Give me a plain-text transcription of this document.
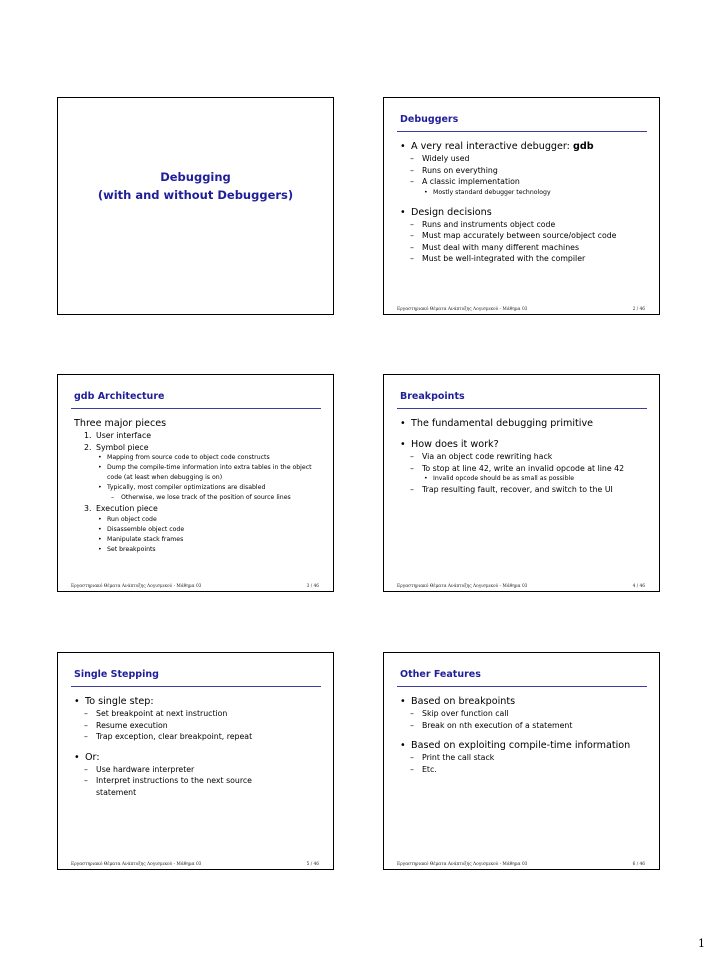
Debugging
(with and without Debuggers)
Debuggers
• A very real interactive debugger: gdb
– Widely used
– Runs on everything
– A classic implementation
• Mostly standard debugger technology
• Design decisions
– Runs and instruments object code
– Must map accurately between source/object code
– Must deal with many different machines
– Must be well-integrated with the compiler
Εργαστηριακό Θέματα Ανάπτυξης Λογισμικού - Μάθημα 03	2 / 46
gdb Architecture
Three major pieces
1. User interface
2. Symbol piece
• Mapping from source code to object code constructs
• Dump the compile-time information into extra tables in the object code (at least when debugging is on)
• Typically, most compiler optimizations are disabled
– Otherwise, we lose track of the position of source lines
3. Execution piece
• Run object code
• Disassemble object code
• Manipulate stack frames
• Set breakpoints
Εργαστηριακό Θέματα Ανάπτυξης Λογισμικού - Μάθημα 03	3 / 46
Breakpoints
• The fundamental debugging primitive
• How does it work?
– Via an object code rewriting hack
– To stop at line 42, write an invalid opcode at line 42
• Invalid opcode should be as small as possible
– Trap resulting fault, recover, and switch to the UI
Εργαστηριακό Θέματα Ανάπτυξης Λογισμικού - Μάθημα 03	4 / 46
Single Stepping
• To single step:
– Set breakpoint at next instruction
– Resume execution
– Trap exception, clear breakpoint, repeat
• Or:
– Use hardware interpreter
– Interpret instructions to the next source statement
Εργαστηριακό Θέματα Ανάπτυξης Λογισμικού - Μάθημα 03	5 / 46
Other Features
• Based on breakpoints
– Skip over function call
– Break on nth execution of a statement
• Based on exploiting compile-time information
– Print the call stack
– Etc.
Εργαστηριακό Θέματα Ανάπτυξης Λογισμικού - Μάθημα 03	6 / 46
1
